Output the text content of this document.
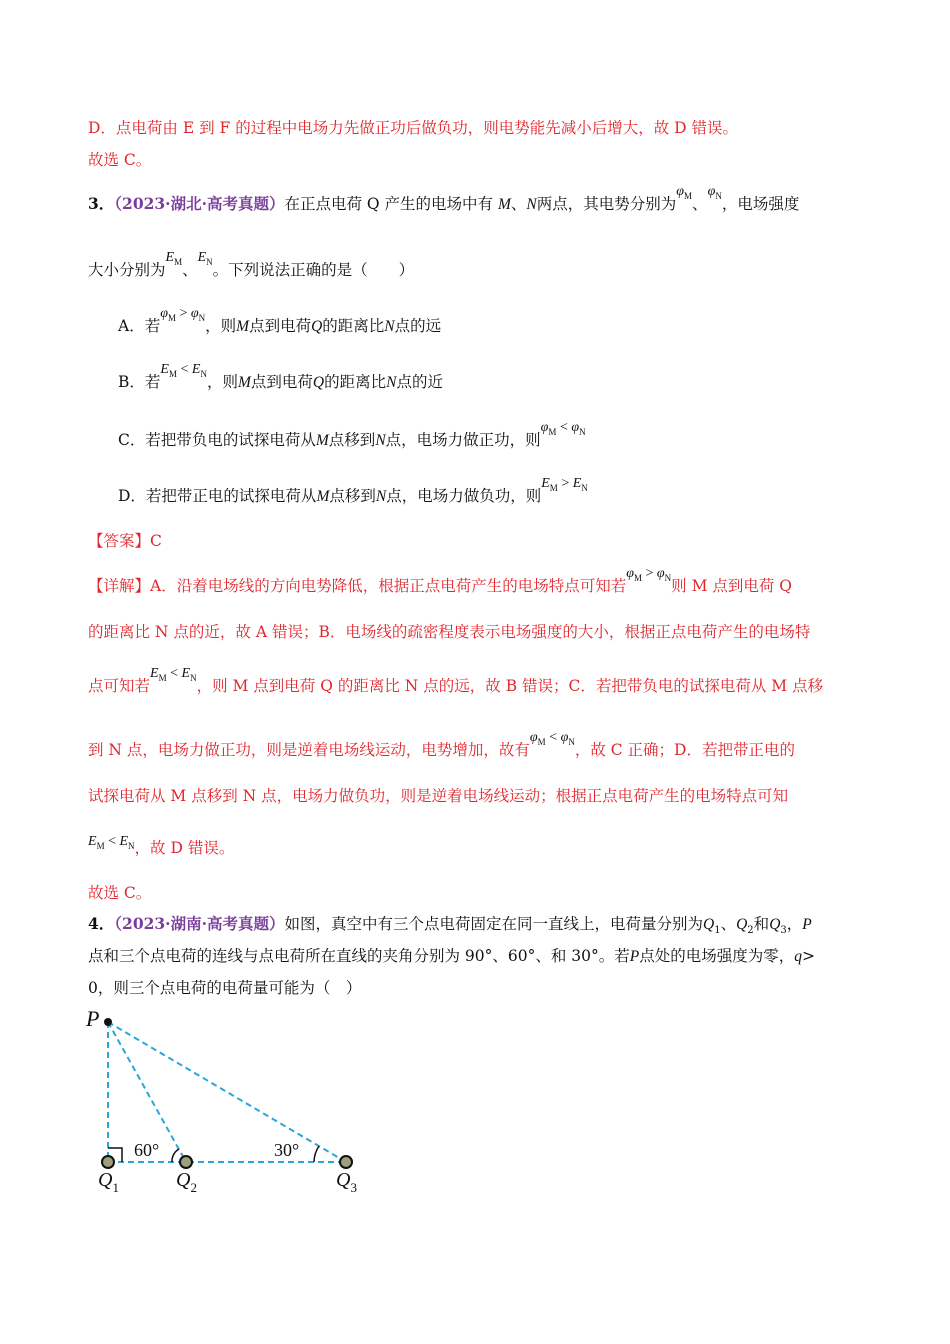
D．点电荷由 E 到 F 的过程中电场力先做正功后做负功，则电势能先减小后增大，故 D 错误。
故选 C。
3．（2023·湖北·高考真题）在正点电荷 Q 产生的电场中有 M、N两点，其电势分别为$\varphi_M$、$\varphi_N$，电场强度
大小分别为$E_M$、$E_N$。下列说法正确的是（　　）
A．若$\varphi_M > \varphi_N$，则M点到电荷Q的距离比N点的远
B．若$E_M < E_N$，则M点到电荷Q的距离比N点的近
C．若把带负电的试探电荷从M点移到N点，电场力做正功，则$\varphi_M < \varphi_N$
D．若把带正电的试探电荷从M点移到N点，电场力做负功，则$E_M > E_N$
【答案】C
【详解】A．沿着电场线的方向电势降低，根据正点电荷产生的电场特点可知若$\varphi_M > \varphi_N$则 M 点到电荷 Q
的距离比 N 点的近，故 A 错误；B．电场线的疏密程度表示电场强度的大小，根据正点电荷产生的电场特
点可知若$E_M < E_N$，则 M 点到电荷 Q 的距离比 N 点的远，故 B 错误；C．若把带负电的试探电荷从 M 点移
到 N 点，电场力做正功，则是逆着电场线运动，电势增加，故有$\varphi_M < \varphi_N$，故 C 正确；D．若把带正电的
试探电荷从 M 点移到 N 点，电场力做负功，则是逆着电场线运动；根据正点电荷产生的电场特点可知
$E_M < E_N$，故 D 错误。
故选 C。
4．（2023·湖南·高考真题）如图，真空中有三个点电荷固定在同一直线上，电荷量分别为$Q_1$、$Q_2$和$Q_3$，P
点和三个点电荷的连线与点电荷所在直线的夹角分别为 90°、60°、和 30°。若P点处的电场强度为零，q>
0，则三个点电荷的电荷量可能为（　）
P
60°	30°
$Q_1$	$Q_2$	$Q_3$
